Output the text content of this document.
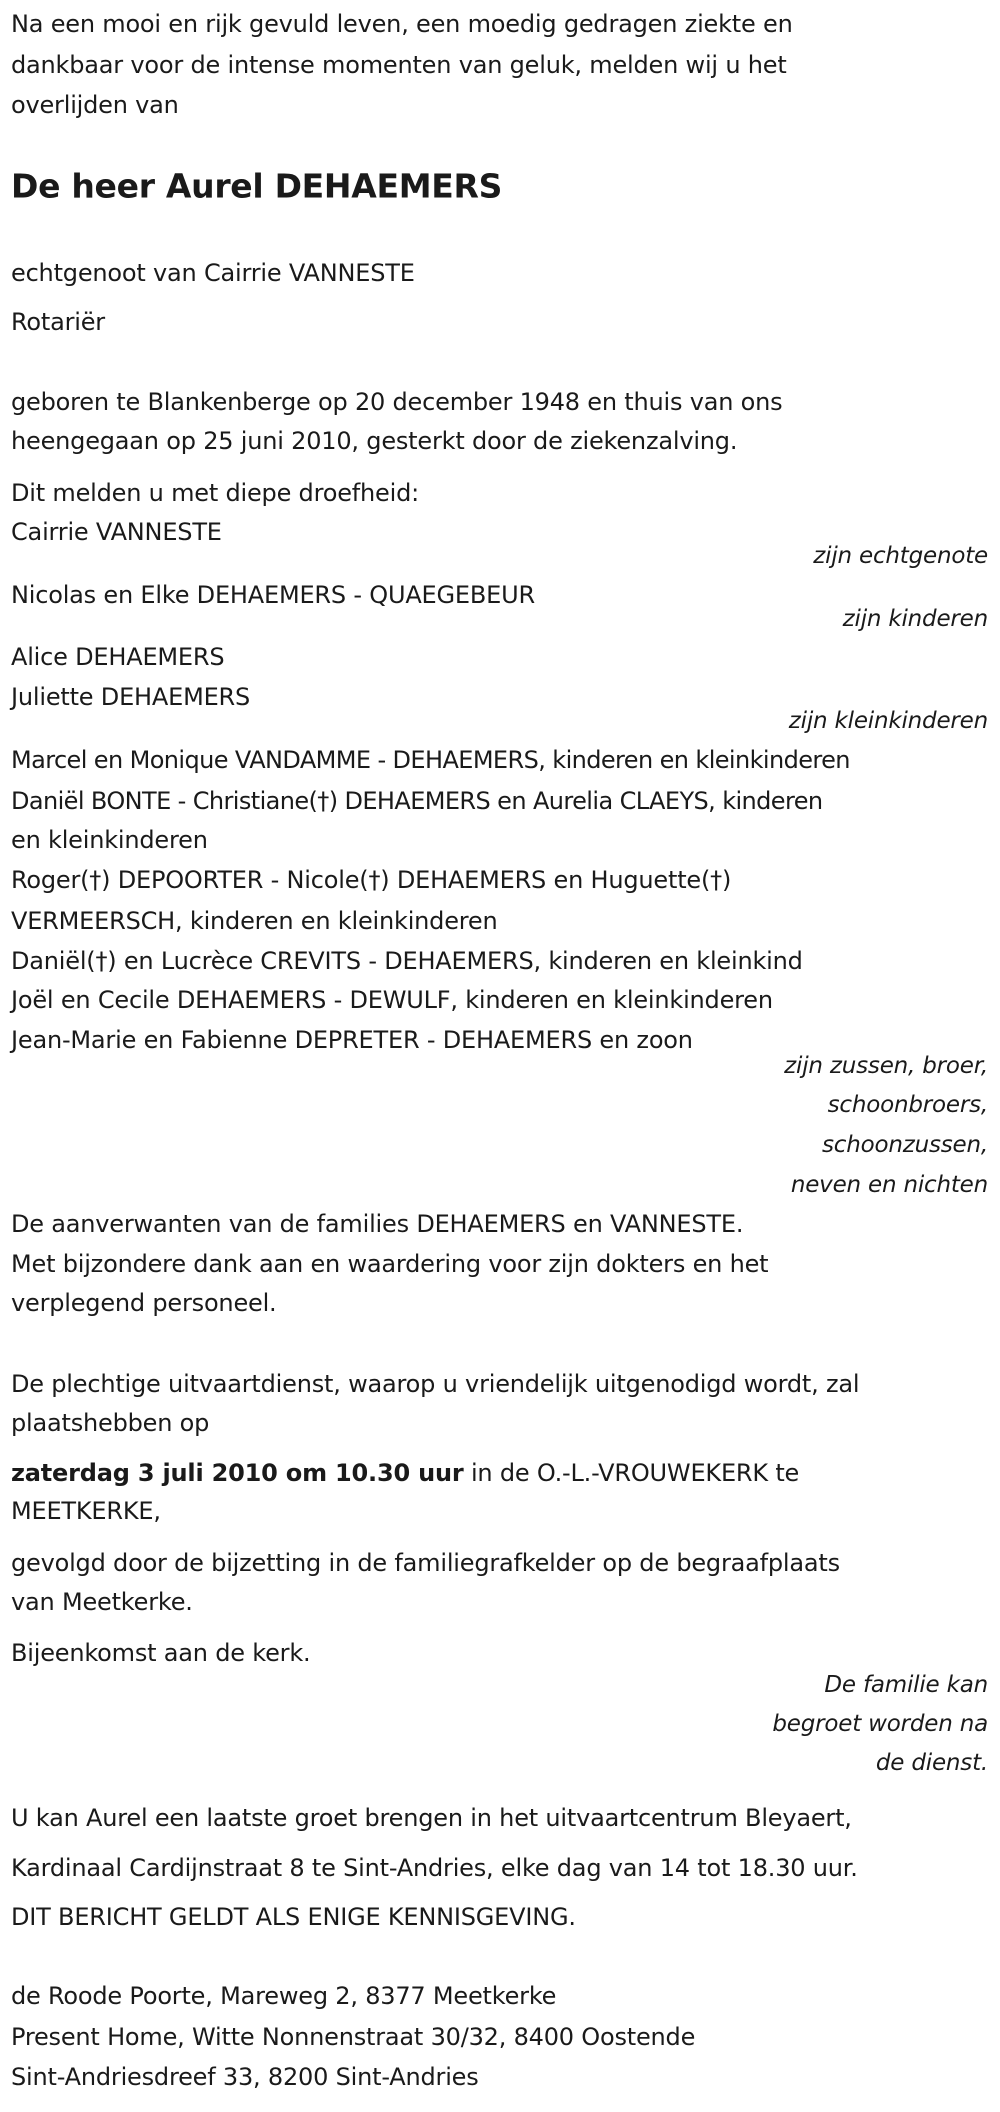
Na een mooi en rijk gevuld leven, een moedig gedragen ziekte en
dankbaar voor de intense momenten van geluk, melden wij u het
overlijden van
De heer Aurel DEHAEMERS
echtgenoot van Cairrie VANNESTE
Rotariër
geboren te Blankenberge op 20 december 1948 en thuis van ons
heengegaan op 25 juni 2010, gesterkt door de ziekenzalving.
Dit melden u met diepe droefheid:
Cairrie VANNESTE
zijn echtgenote
Nicolas en Elke DEHAEMERS - QUAEGEBEUR
zijn kinderen
Alice DEHAEMERS
Juliette DEHAEMERS
zijn kleinkinderen
Marcel en Monique VANDAMME - DEHAEMERS, kinderen en kleinkinderen
Daniël BONTE - Christiane(†) DEHAEMERS en Aurelia CLAEYS, kinderen
en kleinkinderen
Roger(†) DEPOORTER - Nicole(†) DEHAEMERS en Huguette(†)
VERMEERSCH, kinderen en kleinkinderen
Daniël(†) en Lucrèce CREVITS - DEHAEMERS, kinderen en kleinkind
Joël en Cecile DEHAEMERS - DEWULF, kinderen en kleinkinderen
Jean-Marie en Fabienne DEPRETER - DEHAEMERS en zoon
zijn zussen, broer,
schoonbroers,
schoonzussen,
neven en nichten
De aanverwanten van de families DEHAEMERS en VANNESTE.
Met bijzondere dank aan en waardering voor zijn dokters en het
verplegend personeel.
De plechtige uitvaartdienst, waarop u vriendelijk uitgenodigd wordt, zal
plaatshebben op
zaterdag 3 juli 2010 om 10.30 uur in de O.-L.-VROUWEKERK te
MEETKERKE,
gevolgd door de bijzetting in de familiegrafkelder op de begraafplaats
van Meetkerke.
Bijeenkomst aan de kerk.
De familie kan
begroet worden na
de dienst.
U kan Aurel een laatste groet brengen in het uitvaartcentrum Bleyaert,
Kardinaal Cardijnstraat 8 te Sint-Andries, elke dag van 14 tot 18.30 uur.
DIT BERICHT GELDT ALS ENIGE KENNISGEVING.
de Roode Poorte, Mareweg 2, 8377 Meetkerke
Present Home, Witte Nonnenstraat 30/32, 8400 Oostende
Sint-Andriesdreef 33, 8200 Sint-Andries
